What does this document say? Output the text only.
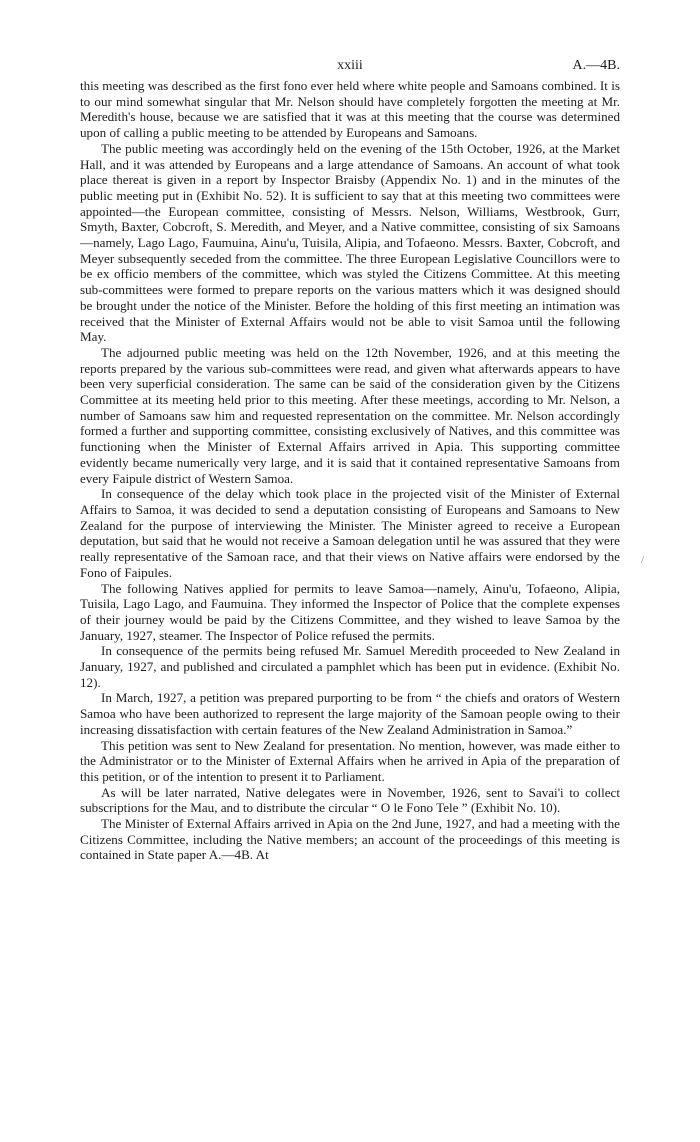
xxiii	A.—4B.
/

this meeting was described as the first fono ever held where white people and Samoans combined. It is to our mind somewhat singular that Mr. Nelson should have completely forgotten the meeting at Mr. Meredith's house, because we are satisfied that it was at this meeting that the course was determined upon of calling a public meeting to be attended by Europeans and Samoans.

The public meeting was accordingly held on the evening of the 15th October, 1926, at the Market Hall, and it was attended by Europeans and a large attendance of Samoans. An account of what took place thereat is given in a report by Inspector Braisby (Appendix No. 1) and in the minutes of the public meeting put in (Exhibit No. 52). It is sufficient to say that at this meeting two committees were appointed—the European committee, consisting of Messrs. Nelson, Williams, Westbrook, Gurr, Smyth, Baxter, Cobcroft, S. Meredith, and Meyer, and a Native committee, consisting of six Samoans—namely, Lago Lago, Faumuina, Ainu'u, Tuisila, Alipia, and Tofaeono. Messrs. Baxter, Cobcroft, and Meyer subsequently seceded from the committee. The three European Legislative Councillors were to be ex officio members of the committee, which was styled the Citizens Committee. At this meeting sub-committees were formed to prepare reports on the various matters which it was designed should be brought under the notice of the Minister. Before the holding of this first meeting an intimation was received that the Minister of External Affairs would not be able to visit Samoa until the following May.

The adjourned public meeting was held on the 12th November, 1926, and at this meeting the reports prepared by the various sub-committees were read, and given what afterwards appears to have been very superficial consideration. The same can be said of the consideration given by the Citizens Committee at its meeting held prior to this meeting. After these meetings, according to Mr. Nelson, a number of Samoans saw him and requested representation on the committee. Mr. Nelson accordingly formed a further and supporting committee, consisting exclusively of Natives, and this committee was functioning when the Minister of External Affairs arrived in Apia. This supporting committee evidently became numerically very large, and it is said that it contained representative Samoans from every Faipule district of Western Samoa.

In consequence of the delay which took place in the projected visit of the Minister of External Affairs to Samoa, it was decided to send a deputation consisting of Europeans and Samoans to New Zealand for the purpose of interviewing the Minister. The Minister agreed to receive a European deputation, but said that he would not receive a Samoan delegation until he was assured that they were really representative of the Samoan race, and that their views on Native affairs were endorsed by the Fono of Faipules.

The following Natives applied for permits to leave Samoa—namely, Ainu'u, Tofaeono, Alipia, Tuisila, Lago Lago, and Faumuina. They informed the Inspector of Police that the complete expenses of their journey would be paid by the Citizens Committee, and they wished to leave Samoa by the January, 1927, steamer. The Inspector of Police refused the permits.

In consequence of the permits being refused Mr. Samuel Meredith proceeded to New Zealand in January, 1927, and published and circulated a pamphlet which has been put in evidence. (Exhibit No. 12).

In March, 1927, a petition was prepared purporting to be from “ the chiefs and orators of Western Samoa who have been authorized to represent the large majority of the Samoan people owing to their increasing dissatisfaction with certain features of the New Zealand Administration in Samoa.”

This petition was sent to New Zealand for presentation. No mention, however, was made either to the Administrator or to the Minister of External Affairs when he arrived in Apia of the preparation of this petition, or of the intention to present it to Parliament.

As will be later narrated, Native delegates were in November, 1926, sent to Savai'i to collect subscriptions for the Mau, and to distribute the circular “ O le Fono Tele ” (Exhibit No. 10).

The Minister of External Affairs arrived in Apia on the 2nd June, 1927, and had a meeting with the Citizens Committee, including the Native members; an account of the proceedings of this meeting is contained in State paper A.—4B. At
